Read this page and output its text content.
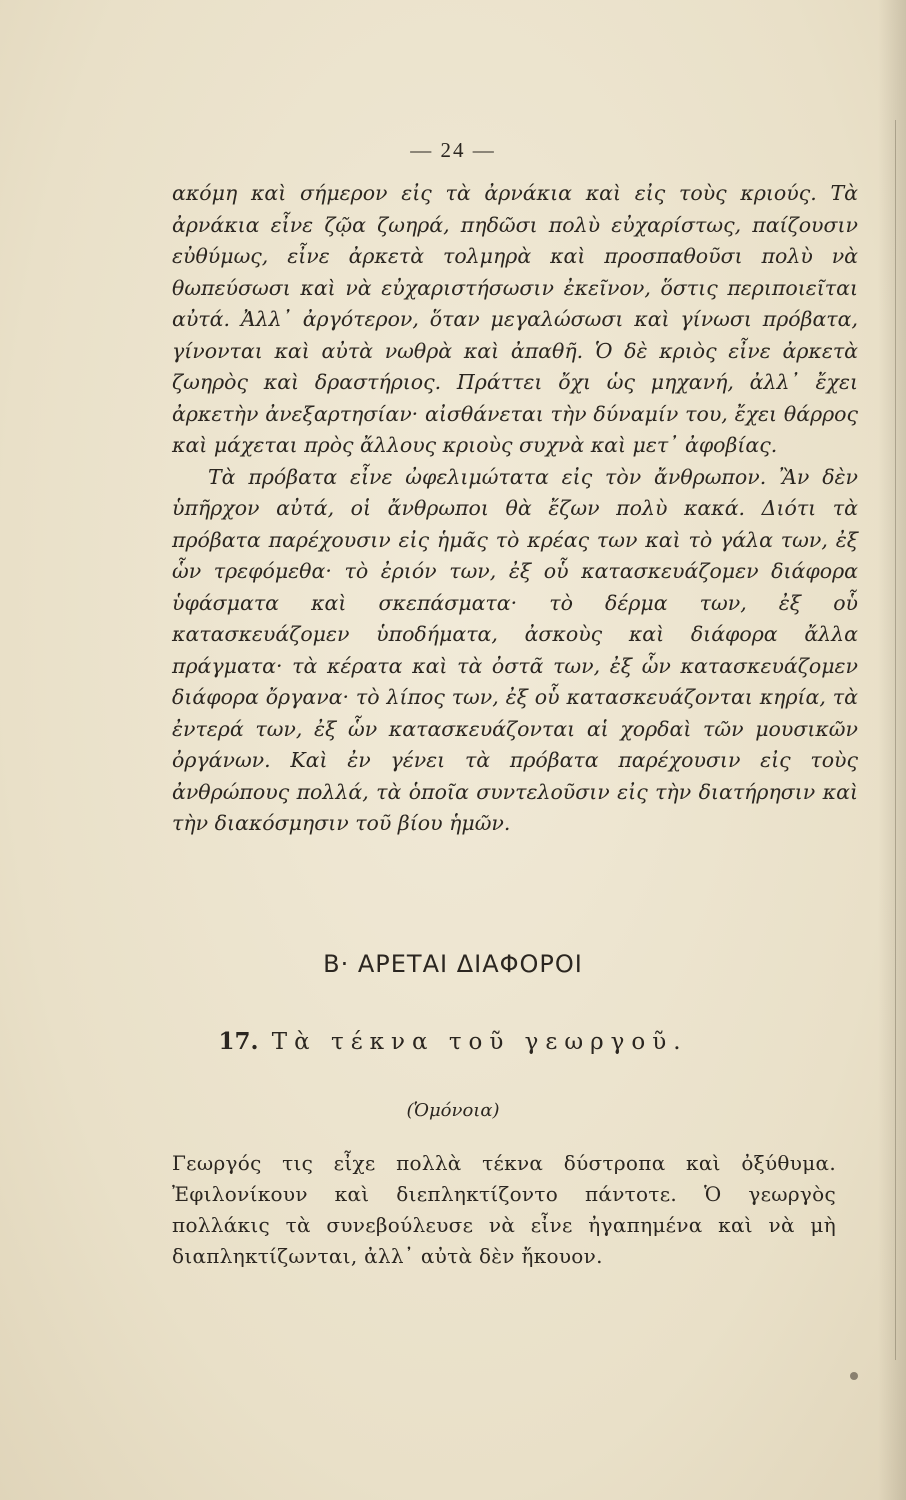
— 24 —

ακόμη καὶ σήμερον εἰς τὰ ἀρνάκια καὶ εἰς τοὺς κριούς. Τὰ ἀρνάκια εἶνε ζῷα ζωηρά, πηδῶσι πολὺ εὐχαρίστως, παίζουσιν εὐθύμως, εἶνε ἀρκετὰ τολμηρὰ καὶ προσπαθοῦσι πολὺ νὰ θωπεύσωσι καὶ νὰ εὐχαριστήσωσιν ἐκεῖνον, ὅστις περιποιεῖται αὐτά. Ἀλλ᾽ ἀργότερον, ὅταν μεγαλώσωσι καὶ γίνωσι πρόβατα, γίνονται καὶ αὐτὰ νωθρὰ καὶ ἀπαθῆ. Ὁ δὲ κριὸς εἶνε ἀρκετὰ ζωηρὸς καὶ δραστήριος. Πράττει ὄχι ὡς μηχανή, ἀλλ᾽ ἔχει ἀρκετὴν ἀνεξαρτησίαν· αἰσθάνεται τὴν δύναμίν του, ἔχει θάρρος καὶ μάχεται πρὸς ἄλλους κριοὺς συχνὰ καὶ μετ᾽ ἀφοβίας.

Τὰ πρόβατα εἶνε ὠφελιμώτατα εἰς τὸν ἄνθρωπον. Ἂν δὲν ὑπῆρχον αὐτά, οἱ ἄνθρωποι θὰ ἔζων πολὺ κακά. Διότι τὰ πρόβατα παρέχουσιν εἰς ἡμᾶς τὸ κρέας των καὶ τὸ γάλα των, ἐξ ὧν τρεφόμεθα· τὸ ἐριόν των, ἐξ οὗ κατασκευάζομεν διάφορα ὑφάσματα καὶ σκεπάσματα· τὸ δέρμα των, ἐξ οὗ κατασκευάζομεν ὑποδήματα, ἀσκοὺς καὶ διάφορα ἄλλα πράγματα· τὰ κέρατα καὶ τὰ ὀστᾶ των, ἐξ ὧν κατασκευάζομεν διάφορα ὄργανα· τὸ λίπος των, ἐξ οὗ κατασκευάζονται κηρία, τὰ ἐντερά των, ἐξ ὧν κατασκευάζονται αἱ χορδαὶ τῶν μουσικῶν ὀργάνων. Καὶ ἐν γένει τὰ πρόβατα παρέχουσιν εἰς τοὺς ἀνθρώπους πολλά, τὰ ὁποῖα συντελοῦσιν εἰς τὴν διατήρησιν καὶ τὴν διακόσμησιν τοῦ βίου ἡμῶν.

Β· ΑΡΕΤΑΙ ΔΙΑΦΟΡΟΙ
17. Τὰ τέκνα τοῦ γεωργοῦ.
(Ὁμόνοια)

Γεωργός τις εἶχε πολλὰ τέκνα δύστροπα καὶ ὀξύθυμα. Ἐφιλονίκουν καὶ διεπληκτίζοντο πάντοτε. Ὁ γεωργὸς πολλάκις τὰ συνεβούλευσε νὰ εἶνε ἠγαπημένα καὶ νὰ μὴ διαπληκτίζωνται, ἀλλ᾽ αὐτὰ δὲν ἤκουον.
